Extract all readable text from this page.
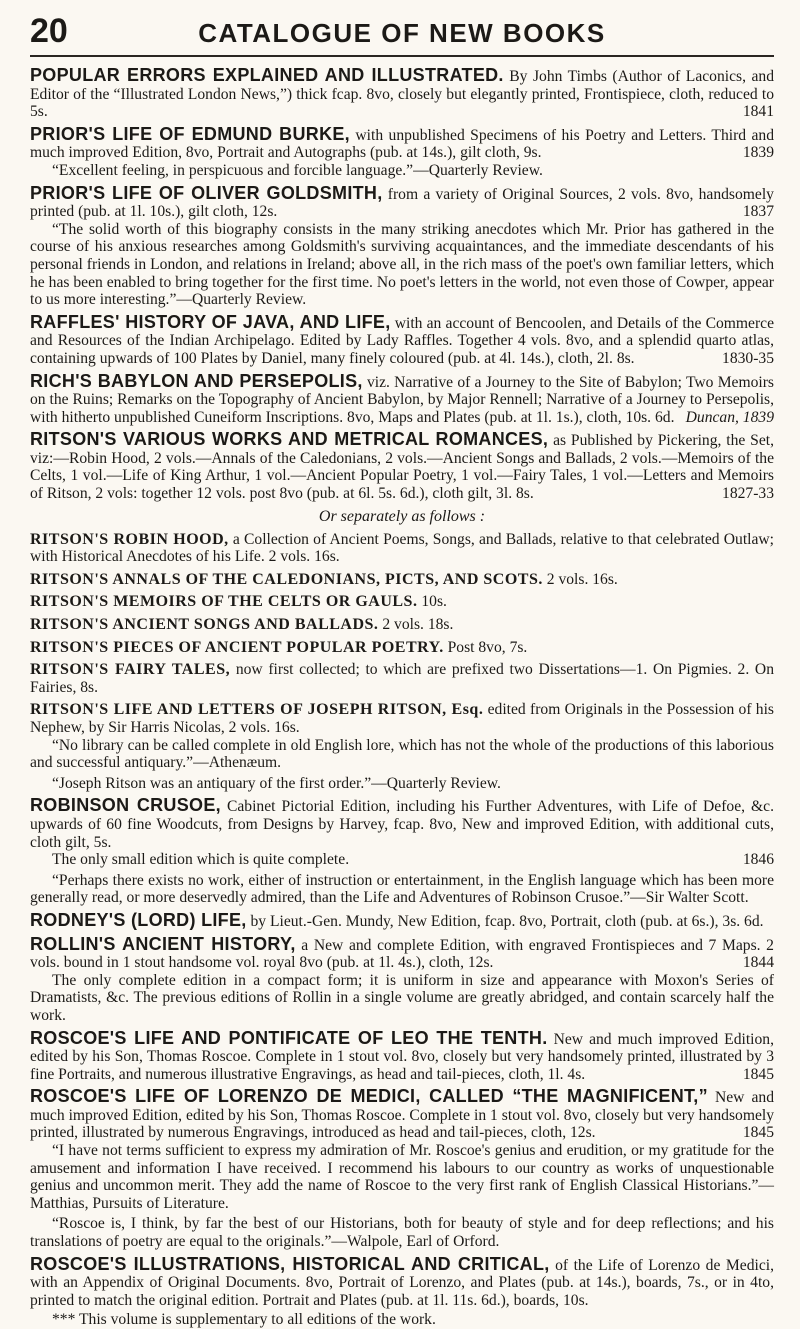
20	CATALOGUE OF NEW BOOKS
POPULAR ERRORS EXPLAINED AND ILLUSTRATED. By John Timbs (Author of Laconics, and Editor of the “Illustrated London News,”) thick fcap. 8vo, closely but elegantly printed, Frontispiece, cloth, reduced to 5s.	1841
PRIOR'S LIFE OF EDMUND BURKE, with unpublished Specimens of his Poetry and Letters. Third and much improved Edition, 8vo, Portrait and Autographs (pub. at 14s.), gilt cloth, 9s.	1839
“Excellent feeling, in perspicuous and forcible language.”—Quarterly Review.
PRIOR'S LIFE OF OLIVER GOLDSMITH, from a variety of Original Sources, 2 vols. 8vo, handsomely printed (pub. at 1l. 10s.), gilt cloth, 12s.	1837
“The solid worth of this biography consists in the many striking anecdotes which Mr. Prior has gathered in the course of his anxious researches among Goldsmith's surviving acquaintances, and the immediate descendants of his personal friends in London, and relations in Ireland; above all, in the rich mass of the poet's own familiar letters, which he has been enabled to bring together for the first time. No poet's letters in the world, not even those of Cowper, appear to us more interesting.”—Quarterly Review.
RAFFLES' HISTORY OF JAVA, AND LIFE, with an account of Bencoolen, and Details of the Commerce and Resources of the Indian Archipelago. Edited by Lady Raffles. Together 4 vols. 8vo, and a splendid quarto atlas, containing upwards of 100 Plates by Daniel, many finely coloured (pub. at 4l. 14s.), cloth, 2l. 8s.	1830-35
RICH'S BABYLON AND PERSEPOLIS, viz. Narrative of a Journey to the Site of Babylon; Two Memoirs on the Ruins; Remarks on the Topography of Ancient Babylon, by Major Rennell; Narrative of a Journey to Persepolis, with hitherto unpublished Cuneiform Inscriptions. 8vo, Maps and Plates (pub. at 1l. 1s.), cloth, 10s. 6d. Duncan, 1839
RITSON'S VARIOUS WORKS AND METRICAL ROMANCES, as Published by Pickering, the Set, viz:—Robin Hood, 2 vols.—Annals of the Caledonians, 2 vols.—Ancient Songs and Ballads, 2 vols.—Memoirs of the Celts, 1 vol.—Life of King Arthur, 1 vol.—Ancient Popular Poetry, 1 vol.—Fairy Tales, 1 vol.—Letters and Memoirs of Ritson, 2 vols: together 12 vols. post 8vo (pub. at 6l. 5s. 6d.), cloth gilt, 3l. 8s.	1827-33
Or separately as follows :
RITSON'S ROBIN HOOD, a Collection of Ancient Poems, Songs, and Ballads, relative to that celebrated Outlaw; with Historical Anecdotes of his Life. 2 vols. 16s.
RITSON'S ANNALS OF THE CALEDONIANS, PICTS, AND SCOTS. 2 vols. 16s.
RITSON'S MEMOIRS OF THE CELTS OR GAULS. 10s.
RITSON'S ANCIENT SONGS AND BALLADS. 2 vols. 18s.
RITSON'S PIECES OF ANCIENT POPULAR POETRY. Post 8vo, 7s.
RITSON'S FAIRY TALES, now first collected; to which are prefixed two Dissertations—1. On Pigmies. 2. On Fairies, 8s.
RITSON'S LIFE AND LETTERS OF JOSEPH RITSON, Esq. edited from Originals in the Possession of his Nephew, by Sir Harris Nicolas, 2 vols. 16s.
“No library can be called complete in old English lore, which has not the whole of the productions of this laborious and successful antiquary.”—Athenæum.
“Joseph Ritson was an antiquary of the first order.”—Quarterly Review.
ROBINSON CRUSOE, Cabinet Pictorial Edition, including his Further Adventures, with Life of Defoe, &c. upwards of 60 fine Woodcuts, from Designs by Harvey, fcap. 8vo, New and improved Edition, with additional cuts, cloth gilt, 5s.
The only small edition which is quite complete.	1846
“Perhaps there exists no work, either of instruction or entertainment, in the English language which has been more generally read, or more deservedly admired, than the Life and Adventures of Robinson Crusoe.”—Sir Walter Scott.
RODNEY'S (LORD) LIFE, by Lieut.-Gen. Mundy, New Edition, fcap. 8vo, Portrait, cloth (pub. at 6s.), 3s. 6d.
ROLLIN'S ANCIENT HISTORY, a New and complete Edition, with engraved Frontispieces and 7 Maps. 2 vols. bound in 1 stout handsome vol. royal 8vo (pub. at 1l. 4s.), cloth, 12s.	1844
The only complete edition in a compact form; it is uniform in size and appearance with Moxon's Series of Dramatists, &c. The previous editions of Rollin in a single volume are greatly abridged, and contain scarcely half the work.
ROSCOE'S LIFE AND PONTIFICATE OF LEO THE TENTH. New and much improved Edition, edited by his Son, Thomas Roscoe. Complete in 1 stout vol. 8vo, closely but very handsomely printed, illustrated by 3 fine Portraits, and numerous illustrative Engravings, as head and tail-pieces, cloth, 1l. 4s.	1845
ROSCOE'S LIFE OF LORENZO DE MEDICI, CALLED “THE MAGNIFICENT,” New and much improved Edition, edited by his Son, Thomas Roscoe. Complete in 1 stout vol. 8vo, closely but very handsomely printed, illustrated by numerous Engravings, introduced as head and tail-pieces, cloth, 12s.	1845
“I have not terms sufficient to express my admiration of Mr. Roscoe's genius and erudition, or my gratitude for the amusement and information I have received. I recommend his labours to our country as works of unquestionable genius and uncommon merit. They add the name of Roscoe to the very first rank of English Classical Historians.”—Matthias, Pursuits of Literature.
“Roscoe is, I think, by far the best of our Historians, both for beauty of style and for deep reflections; and his translations of poetry are equal to the originals.”—Walpole, Earl of Orford.
ROSCOE'S ILLUSTRATIONS, HISTORICAL AND CRITICAL, of the Life of Lorenzo de Medici, with an Appendix of Original Documents. 8vo, Portrait of Lorenzo, and Plates (pub. at 14s.), boards, 7s., or in 4to, printed to match the original edition. Portrait and Plates (pub. at 1l. 11s. 6d.), boards, 10s.
*** This volume is supplementary to all editions of the work.
